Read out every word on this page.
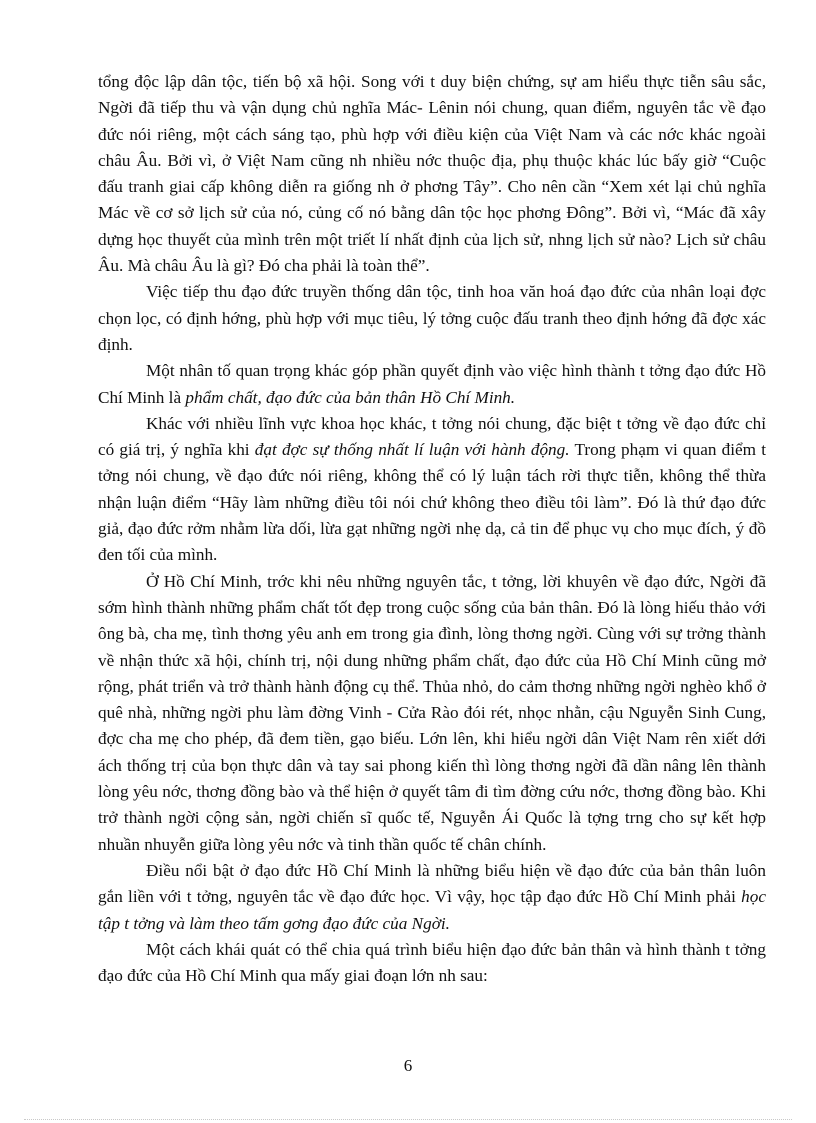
tổng độc lập dân tộc, tiến bộ xã hội. Song với t duy biện chứng, sự am hiểu thực tiễn sâu sắc, Ngời đã tiếp thu và vận dụng chủ nghĩa Mác- Lênin nói chung, quan điểm, nguyên tắc về đạo đức nói riêng, một cách sáng tạo, phù hợp với điều kiện của Việt Nam và các nớc khác ngoài châu Âu. Bởi vì, ở Việt Nam cũng nh nhiều nớc thuộc địa, phụ thuộc khác lúc bấy giờ “Cuộc đấu tranh giai cấp không diễn ra giống nh ở phơng Tây”. Cho nên cần “Xem xét lại chủ nghĩa Mác về cơ sở lịch sử của nó, củng cố nó bằng dân tộc học phơng Đông”. Bởi vì, “Mác đã xây dựng học thuyết của mình trên một triết lí nhất định của lịch sử, nhng lịch sử nào? Lịch sử châu Âu. Mà châu Âu là gì? Đó cha phải là toàn thể”.

Việc tiếp thu đạo đức truyền thống dân tộc, tinh hoa văn hoá đạo đức của nhân loại đợc chọn lọc, có định hớng, phù hợp với mục tiêu, lý tởng cuộc đấu tranh theo định hớng đã đợc xác định.

Một nhân tố quan trọng khác góp phần quyết định vào việc hình thành t tởng đạo đức Hồ Chí Minh là phẩm chất, đạo đức của bản thân Hồ Chí Minh.

Khác với nhiều lĩnh vực khoa học khác, t tởng nói chung, đặc biệt t tởng về đạo đức chỉ có giá trị, ý nghĩa khi đạt đợc sự thống nhất lí luận với hành động. Trong phạm vi quan điểm t tởng nói chung, về đạo đức nói riêng, không thể có lý luận tách rời thực tiễn, không thể thừa nhận luận điểm “Hãy làm những điều tôi nói chứ không theo điều tôi làm”. Đó là thứ đạo đức giả, đạo đức rởm nhằm lừa dối, lừa gạt những ngời nhẹ dạ, cả tin để phục vụ cho mục đích, ý đồ đen tối của mình.

Ở Hồ Chí Minh, trớc khi nêu những nguyên tắc, t tởng, lời khuyên về đạo đức, Ngời đã sớm hình thành những phẩm chất tốt đẹp trong cuộc sống của bản thân. Đó là lòng hiếu thảo với ông bà, cha mẹ, tình thơng yêu anh em trong gia đình, lòng thơng ngời. Cùng với sự trởng thành về nhận thức xã hội, chính trị, nội dung những phẩm chất, đạo đức của Hồ Chí Minh cũng mở rộng, phát triển và trở thành hành động cụ thể. Thủa nhỏ, do cảm thơng những ngời nghèo khổ ở quê nhà, những ngời phu làm đờng Vinh - Cửa Rào đói rét, nhọc nhằn, cậu Nguyễn Sinh Cung, đợc cha mẹ cho phép, đã đem tiền, gạo biếu. Lớn lên, khi hiểu ngời dân Việt Nam rên xiết dới ách thống trị của bọn thực dân và tay sai phong kiến thì lòng thơng ngời đã dần nâng lên thành lòng yêu nớc, thơng đồng bào và thể hiện ở quyết tâm đi tìm đờng cứu nớc, thơng đồng bào. Khi trở thành ngời cộng sản, ngời chiến sĩ quốc tế, Nguyễn Ái Quốc là tợng trng cho sự kết hợp nhuần nhuyễn giữa lòng yêu nớc và tinh thần quốc tế chân chính.

Điều nổi bật ở đạo đức Hồ Chí Minh là những biểu hiện về đạo đức của bản thân luôn gắn liền với t tởng, nguyên tắc về đạo đức học. Vì vậy, học tập đạo đức Hồ Chí Minh phải học tập t tởng và làm theo tấm gơng đạo đức của Ngời.

Một cách khái quát có thể chia quá trình biểu hiện đạo đức bản thân và hình thành t tởng đạo đức của Hồ Chí Minh qua mấy giai đoạn lớn nh sau:

6
